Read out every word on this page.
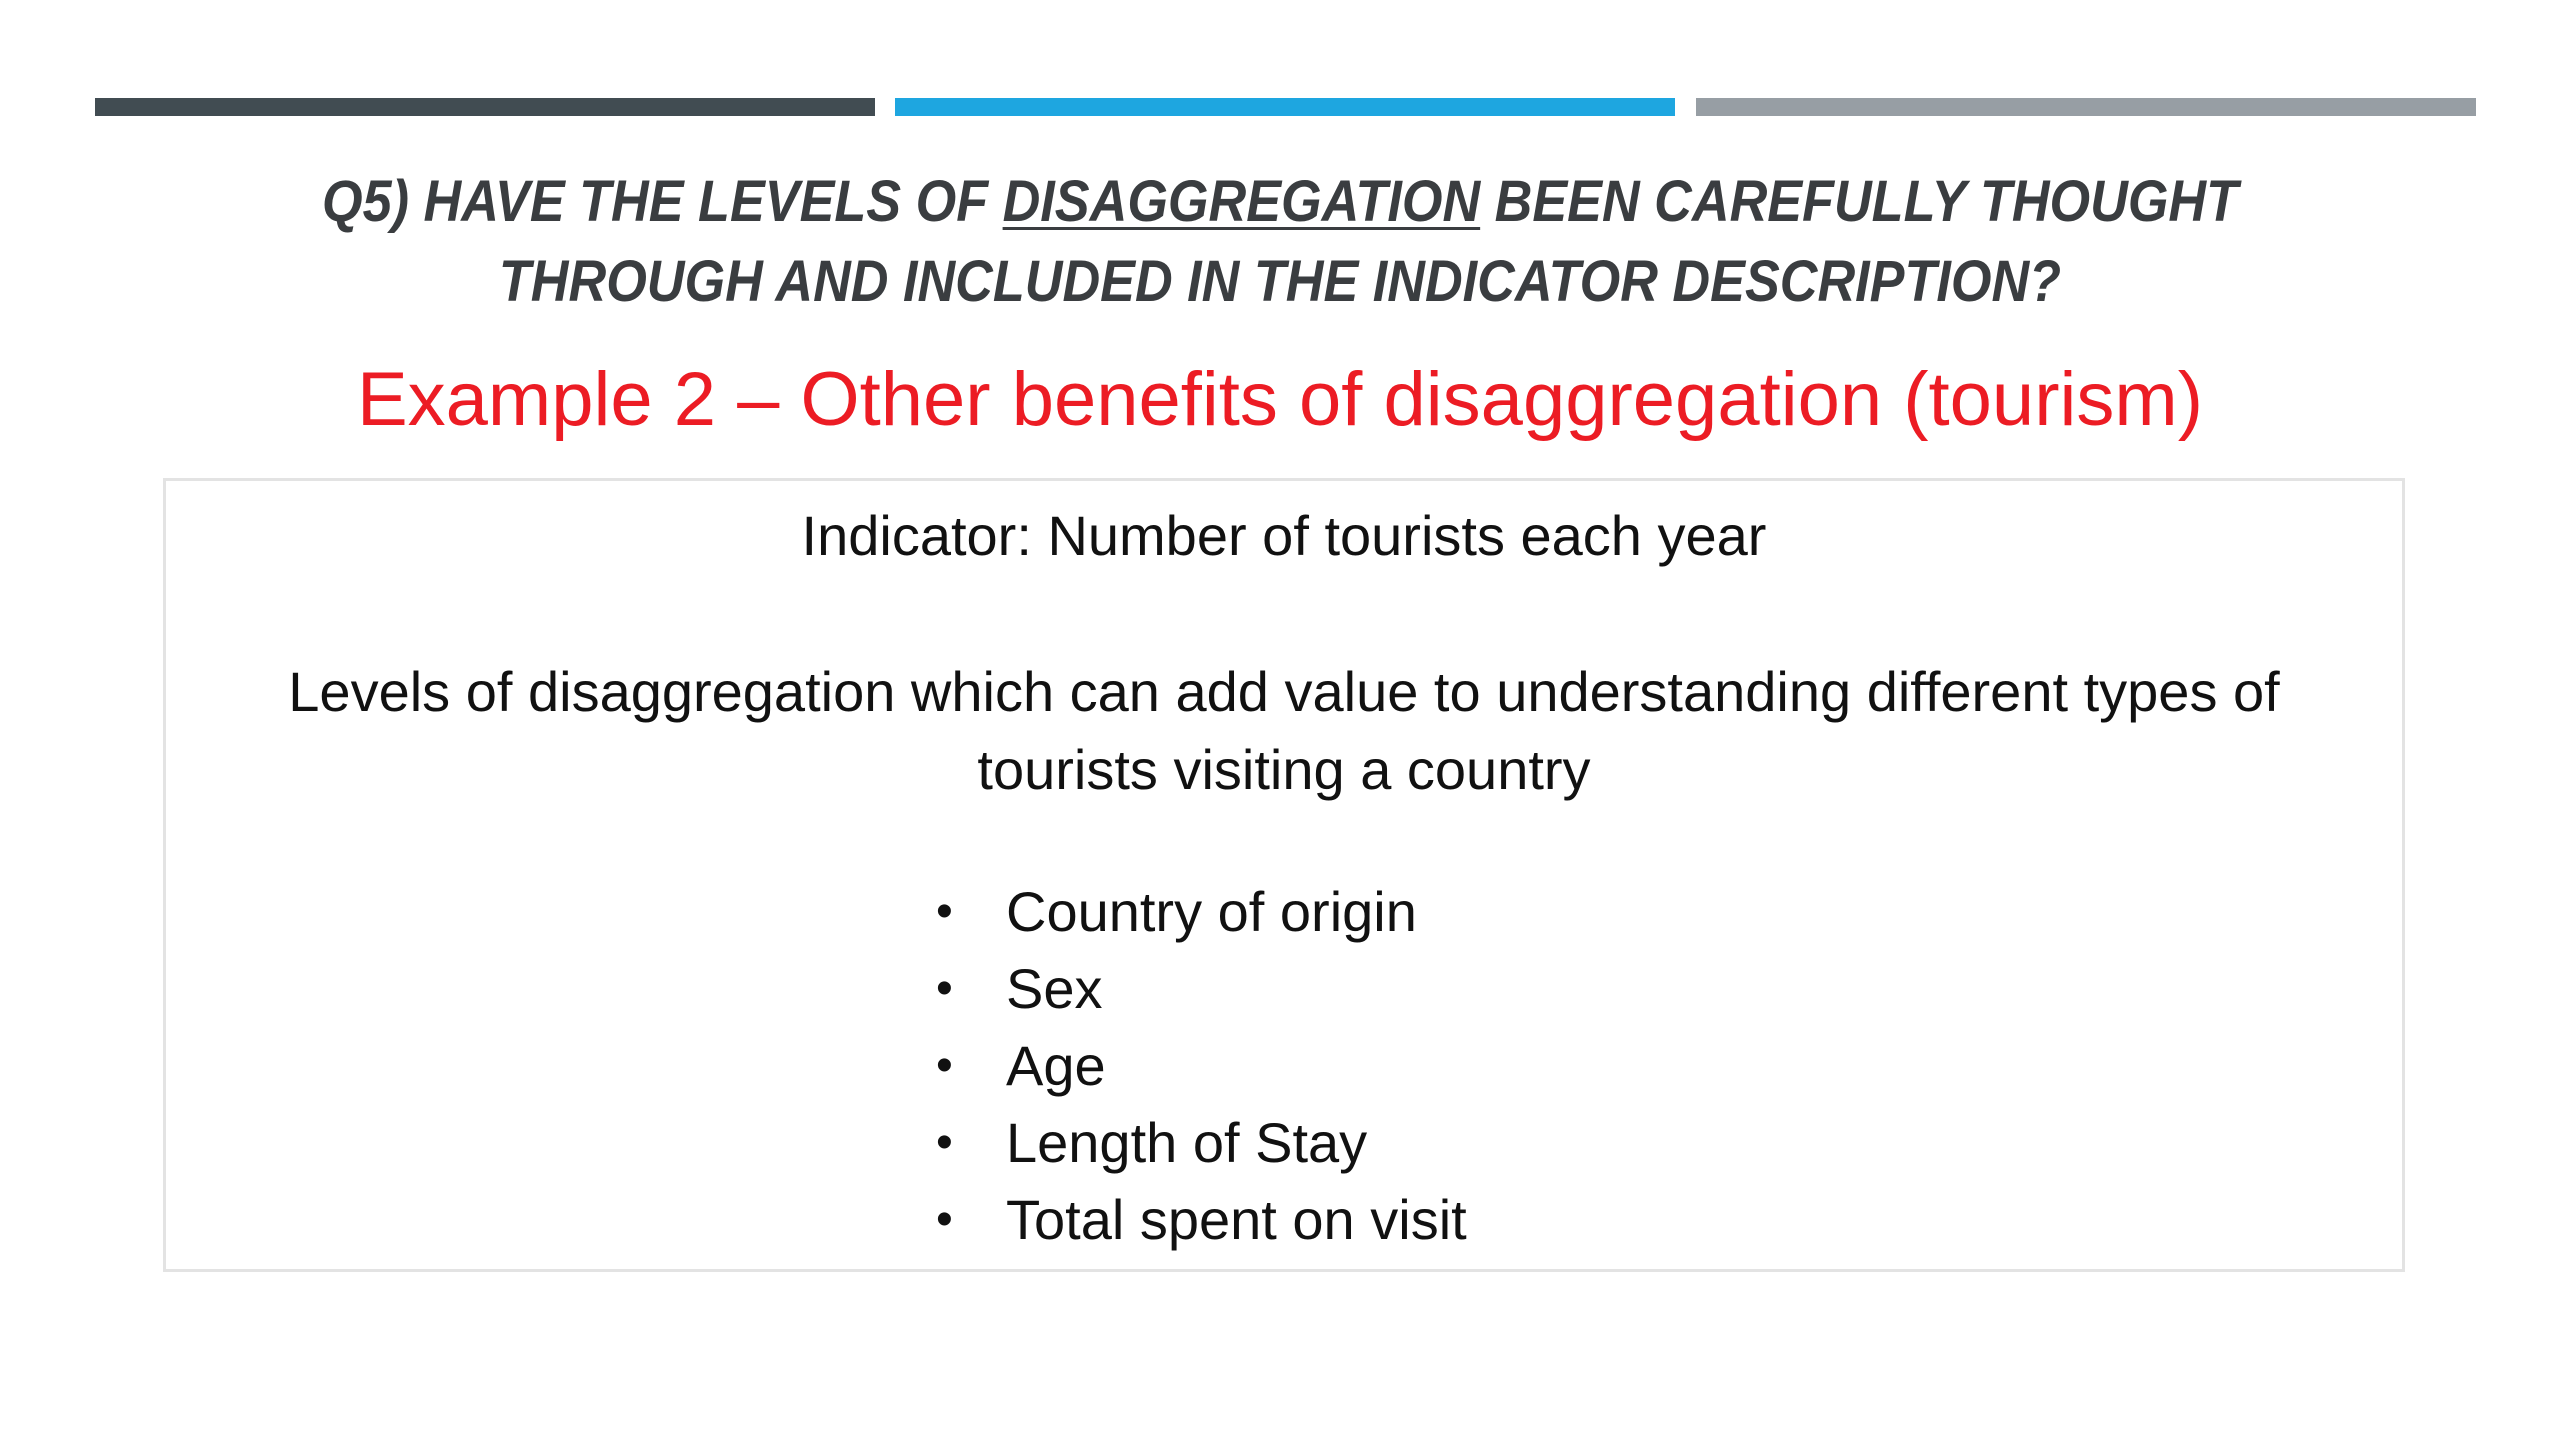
Q5) HAVE THE LEVELS OF DISAGGREGATION BEEN CAREFULLY THOUGHT
THROUGH AND INCLUDED IN THE INDICATOR DESCRIPTION?

Example 2 – Other benefits of disaggregation (tourism)

Indicator: Number of tourists each year

Levels of disaggregation which can add value to understanding different types of
tourists visiting a country

• Country of origin
• Sex
• Age
• Length of Stay
• Total spent on visit
